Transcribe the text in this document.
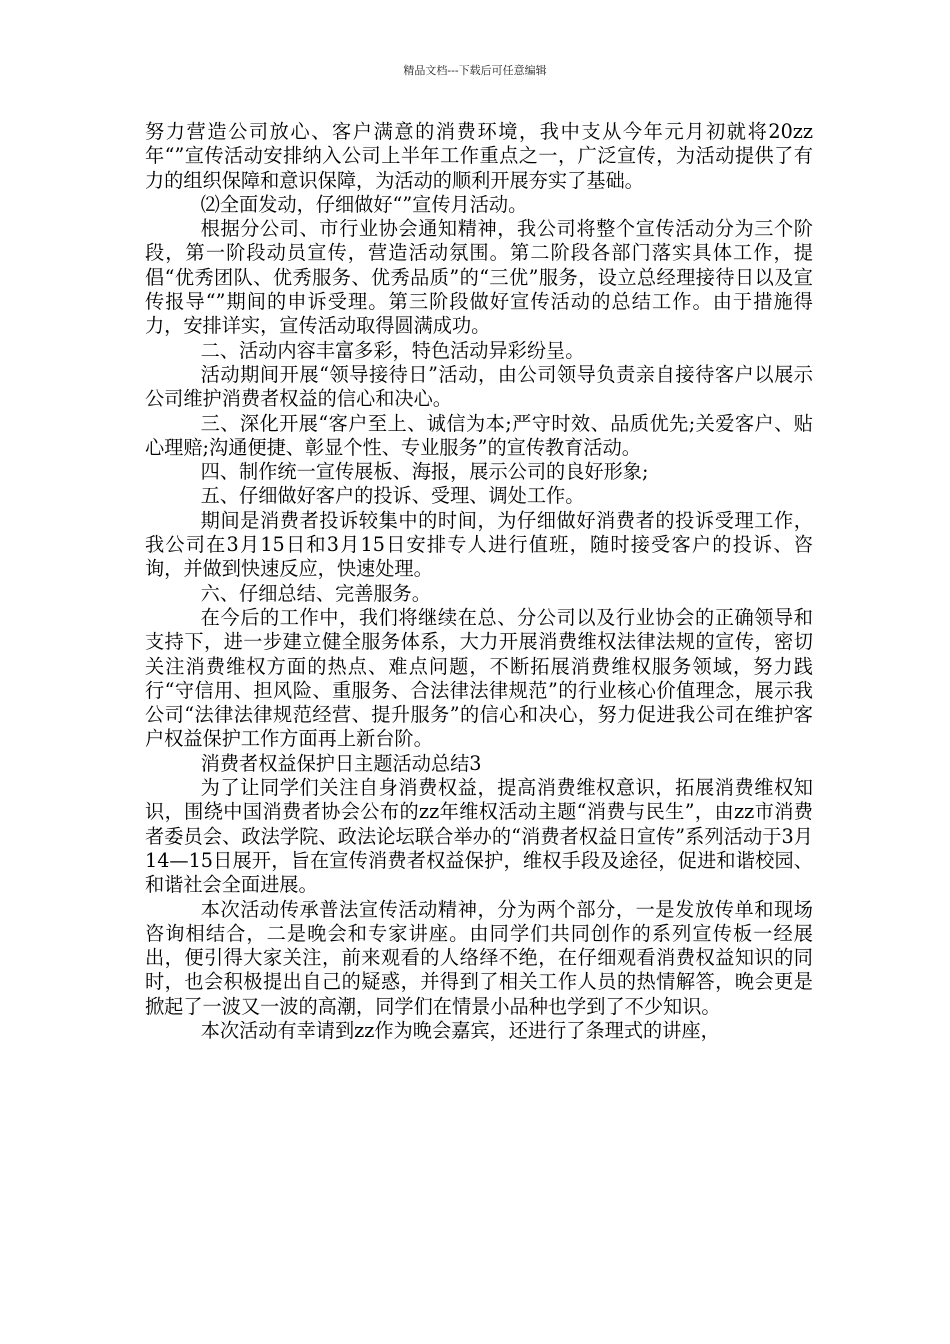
精品文档---下载后可任意编辑

努力营造公司放心、客户满意的消费环境，我中支从今年元月初就将20zz年“”宣传活动安排纳入公司上半年工作重点之一，广泛宣传，为活动提供了有力的组织保障和意识保障，为活动的顺利开展夯实了基础。

⑵全面发动，仔细做好“”宣传月活动。

根据分公司、市行业协会通知精神，我公司将整个宣传活动分为三个阶段，第一阶段动员宣传，营造活动氛围。第二阶段各部门落实具体工作，提倡“优秀团队、优秀服务、优秀品质”的“三优”服务，设立总经理接待日以及宣传报导“”期间的申诉受理。第三阶段做好宣传活动的总结工作。由于措施得力，安排详实，宣传活动取得圆满成功。

二、活动内容丰富多彩，特色活动异彩纷呈。

活动期间开展“领导接待日”活动，由公司领导负责亲自接待客户以展示公司维护消费者权益的信心和决心。

三、深化开展“客户至上、诚信为本;严守时效、品质优先;关爱客户、贴心理赔;沟通便捷、彰显个性、专业服务”的宣传教育活动。

四、制作统一宣传展板、海报，展示公司的良好形象;

五、仔细做好客户的投诉、受理、调处工作。

期间是消费者投诉较集中的时间，为仔细做好消费者的投诉受理工作，我公司在3月15日和3月15日安排专人进行值班，随时接受客户的投诉、咨询，并做到快速反应，快速处理。

六、仔细总结、完善服务。

在今后的工作中，我们将继续在总、分公司以及行业协会的正确领导和支持下，进一步建立健全服务体系，大力开展消费维权法律法规的宣传，密切关注消费维权方面的热点、难点问题，不断拓展消费维权服务领域，努力践行“守信用、担风险、重服务、合法律法律规范”的行业核心价值理念，展示我公司“法律法律规范经营、提升服务”的信心和决心，努力促进我公司在维护客户权益保护工作方面再上新台阶。

消费者权益保护日主题活动总结3

为了让同学们关注自身消费权益，提高消费维权意识，拓展消费维权知识，围绕中国消费者协会公布的zz年维权活动主题“消费与民生”，由zz市消费者委员会、政法学院、政法论坛联合举办的“消费者权益日宣传”系列活动于3月14—15日展开，旨在宣传消费者权益保护，维权手段及途径，促进和谐校园、和谐社会全面进展。

本次活动传承普法宣传活动精神，分为两个部分，一是发放传单和现场咨询相结合，二是晚会和专家讲座。由同学们共同创作的系列宣传板一经展出，便引得大家关注，前来观看的人络绎不绝，在仔细观看消费权益知识的同时，也会积极提出自己的疑惑，并得到了相关工作人员的热情解答，晚会更是掀起了一波又一波的高潮，同学们在情景小品种也学到了不少知识。

本次活动有幸请到zz作为晚会嘉宾，还进行了条理式的讲座，
